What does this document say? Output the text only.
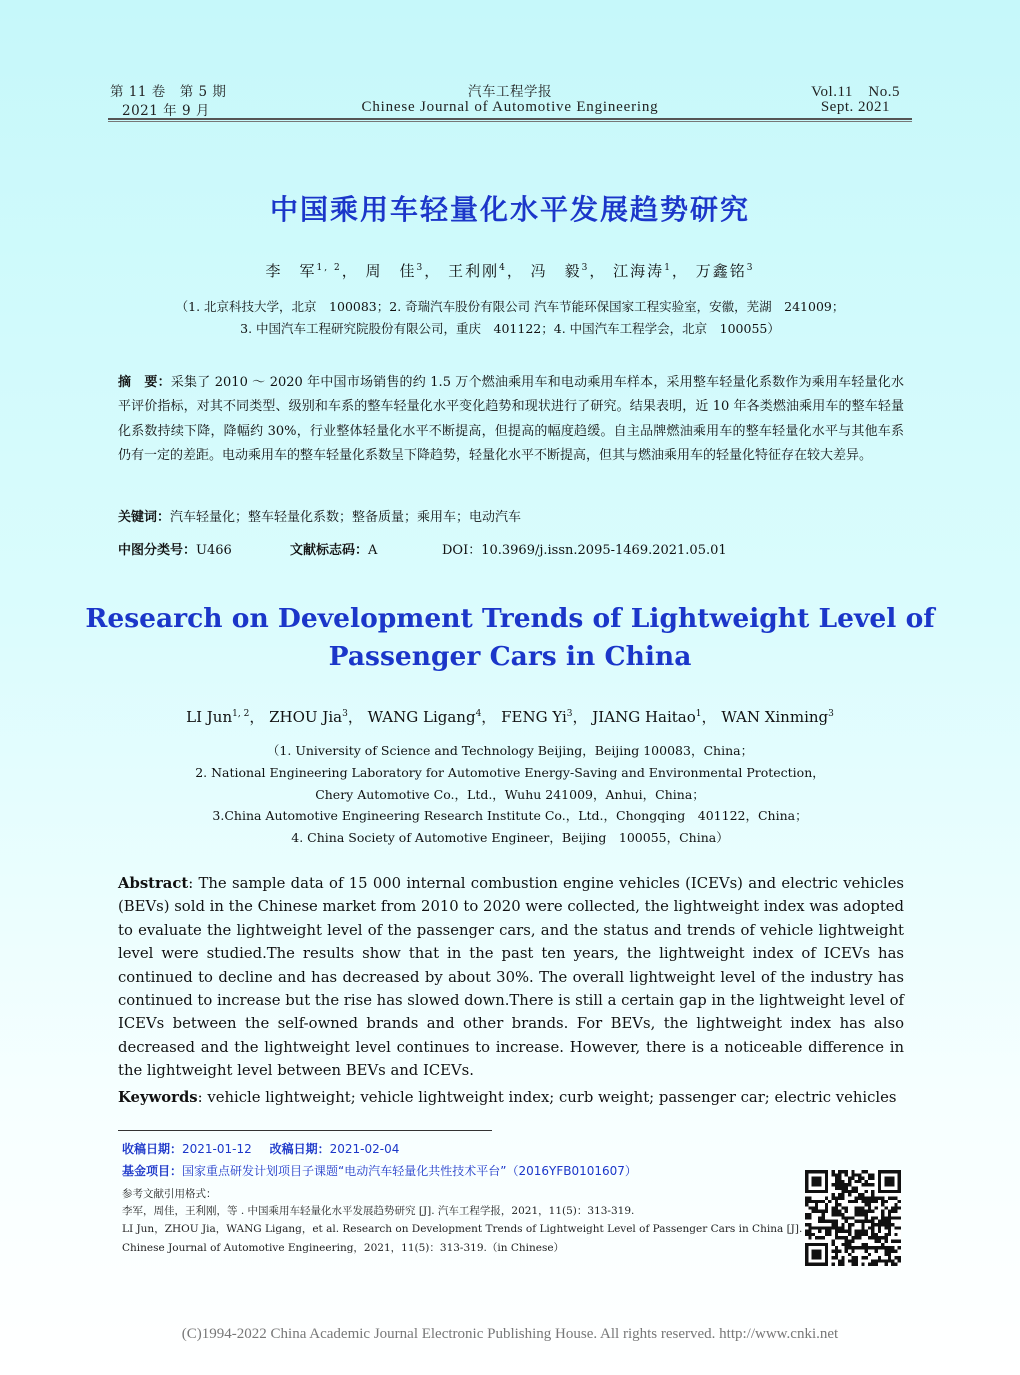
第 11 卷　第 5 期
2021 年 9 月
汽车工程学报
Chinese Journal of Automotive Engineering
Vol.11　No.5
Sept. 2021
中国乘用车轻量化水平发展趋势研究
李　军$^{1, 2}$， 周　佳$^3$， 王利刚$^4$， 冯　毅$^3$， 江海涛$^1$， 万鑫铭$^3$
（1. 北京科技大学，北京　100083；2. 奇瑞汽车股份有限公司 汽车节能环保国家工程实验室，安徽，芜湖　241009；
3. 中国汽车工程研究院股份有限公司，重庆　401122；4. 中国汽车工程学会，北京　100055）
摘　要：采集了 2010 ～ 2020 年中国市场销售的约 1.5 万个燃油乘用车和电动乘用车样本，采用整车轻量化系数作为乘用车轻量化水平评价指标，对其不同类型、级别和车系的整车轻量化水平变化趋势和现状进行了研究。结果表明，近 10 年各类燃油乘用车的整车轻量化系数持续下降，降幅约 30%，行业整体轻量化水平不断提高，但提高的幅度趋缓。自主品牌燃油乘用车的整车轻量化水平与其他车系仍有一定的差距。电动乘用车的整车轻量化系数呈下降趋势，轻量化水平不断提高，但其与燃油乘用车的轻量化特征存在较大差异。
关键词：汽车轻量化；整车轻量化系数；整备质量；乘用车；电动汽车
中图分类号：U466	文献标志码：A	DOI：10.3969/j.issn.2095-1469.2021.05.01
Research on Development Trends of Lightweight Level of
Passenger Cars in China
LI Jun$^{1, 2}$， ZHOU Jia$^3$， WANG Ligang$^4$， FENG Yi$^3$， JIANG Haitao$^1$， WAN Xinming$^3$
（1. University of Science and Technology Beijing，Beijing 100083，China；
2. National Engineering Laboratory for Automotive Energy-Saving and Environmental Protection，
Chery Automotive Co.，Ltd.，Wuhu 241009，Anhui，China；
3.China Automotive Engineering Research Institute Co.，Ltd.，Chongqing　401122，China；
4. China Society of Automotive Engineer，Beijing　100055，China）
Abstract: The sample data of 15 000 internal combustion engine vehicles (ICEVs) and electric vehicles (BEVs) sold in the Chinese market from 2010 to 2020 were collected, the lightweight index was adopted to evaluate the lightweight level of the passenger cars, and the status and trends of vehicle lightweight level were studied.The results show that in the past ten years, the lightweight index of ICEVs has continued to decline and has decreased by about 30%. The overall lightweight level of the industry has continued to increase but the rise has slowed down.There is still a certain gap in the lightweight level of ICEVs between the self-owned brands and other brands. For BEVs, the lightweight index has also decreased and the lightweight level continues to increase. However, there is a noticeable difference in the lightweight level between BEVs and ICEVs.
Keywords: vehicle lightweight; vehicle lightweight index; curb weight; passenger car; electric vehicles
收稿日期：2021-01-12 改稿日期：2021-02-04
基金项目：国家重点研发计划项目子课题“电动汽车轻量化共性技术平台”（2016YFB0101607）
参考文献引用格式：
李军，周佳，王利刚，等 . 中国乘用车轻量化水平发展趋势研究 [J]. 汽车工程学报，2021，11(5)：313-319.
LI Jun，ZHOU Jia，WANG Ligang，et al. Research on Development Trends of Lightweight Level of Passenger Cars in China [J].
Chinese Journal of Automotive Engineering，2021，11(5)：313-319.（in Chinese）
(C)1994-2022 China Academic Journal Electronic Publishing House. All rights reserved. http://www.cnki.net
